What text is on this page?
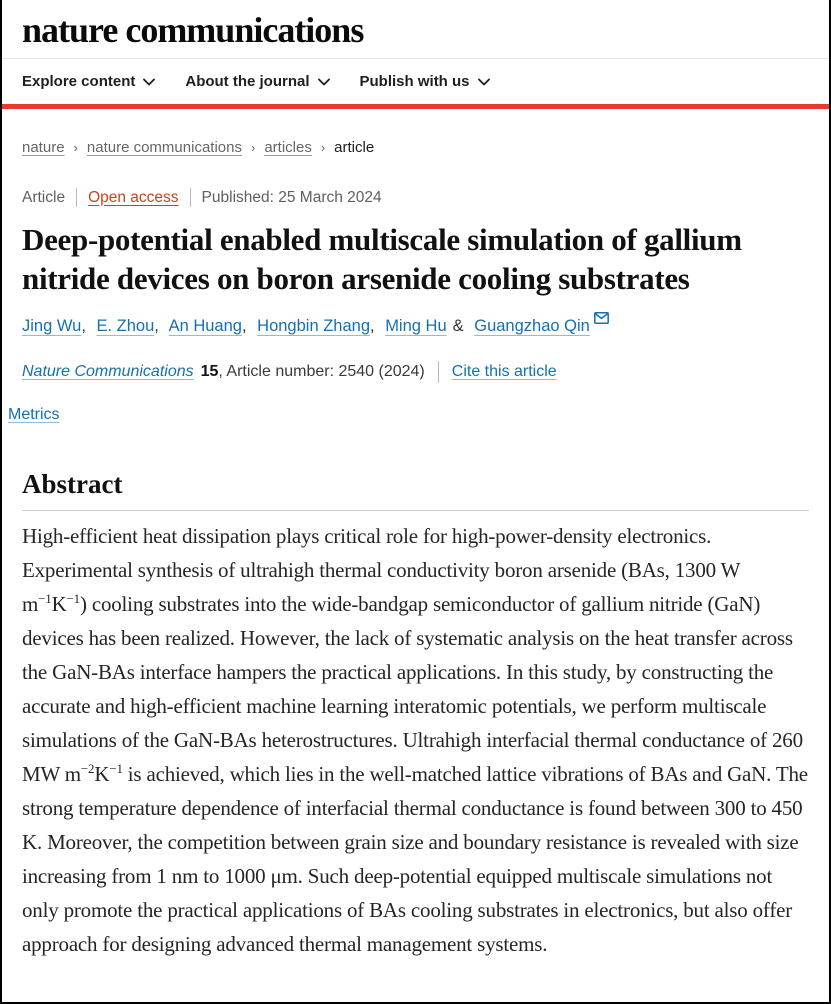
nature communications
Explore content	About the journal	Publish with us
nature › nature communications › articles › article
Article Open access Published: 25 March 2024
Deep-potential enabled multiscale simulation of gallium nitride devices on boron arsenide cooling substrates
Jing Wu, E. Zhou, An Huang, Hongbin Zhang, Ming Hu & Guangzhao Qin
Nature Communications 15 , Article number: 2540 (2024) Cite this article
Metrics
Abstract

High-efficient heat dissipation plays critical role for high-power-density electronics. Experimental synthesis of ultrahigh thermal conductivity boron arsenide (BAs, 1300 W $m^{-1}K^{-1}$) cooling substrates into the wide-bandgap semiconductor of gallium nitride (GaN) devices has been realized. However, the lack of systematic analysis on the heat transfer across the GaN-BAs interface hampers the practical applications. In this study, by constructing the accurate and high-efficient machine learning interatomic potentials, we perform multiscale simulations of the GaN-BAs heterostructures. Ultrahigh interfacial thermal conductance of 260 MW $m^{-2}K^{-1}$ is achieved, which lies in the well-matched lattice vibrations of BAs and GaN. The strong temperature dependence of interfacial thermal conductance is found between 300 to 450 K. Moreover, the competition between grain size and boundary resistance is revealed with size increasing from 1 nm to 1000 μm. Such deep-potential equipped multiscale simulations not only promote the practical applications of BAs cooling substrates in electronics, but also offer approach for designing advanced thermal management systems.
